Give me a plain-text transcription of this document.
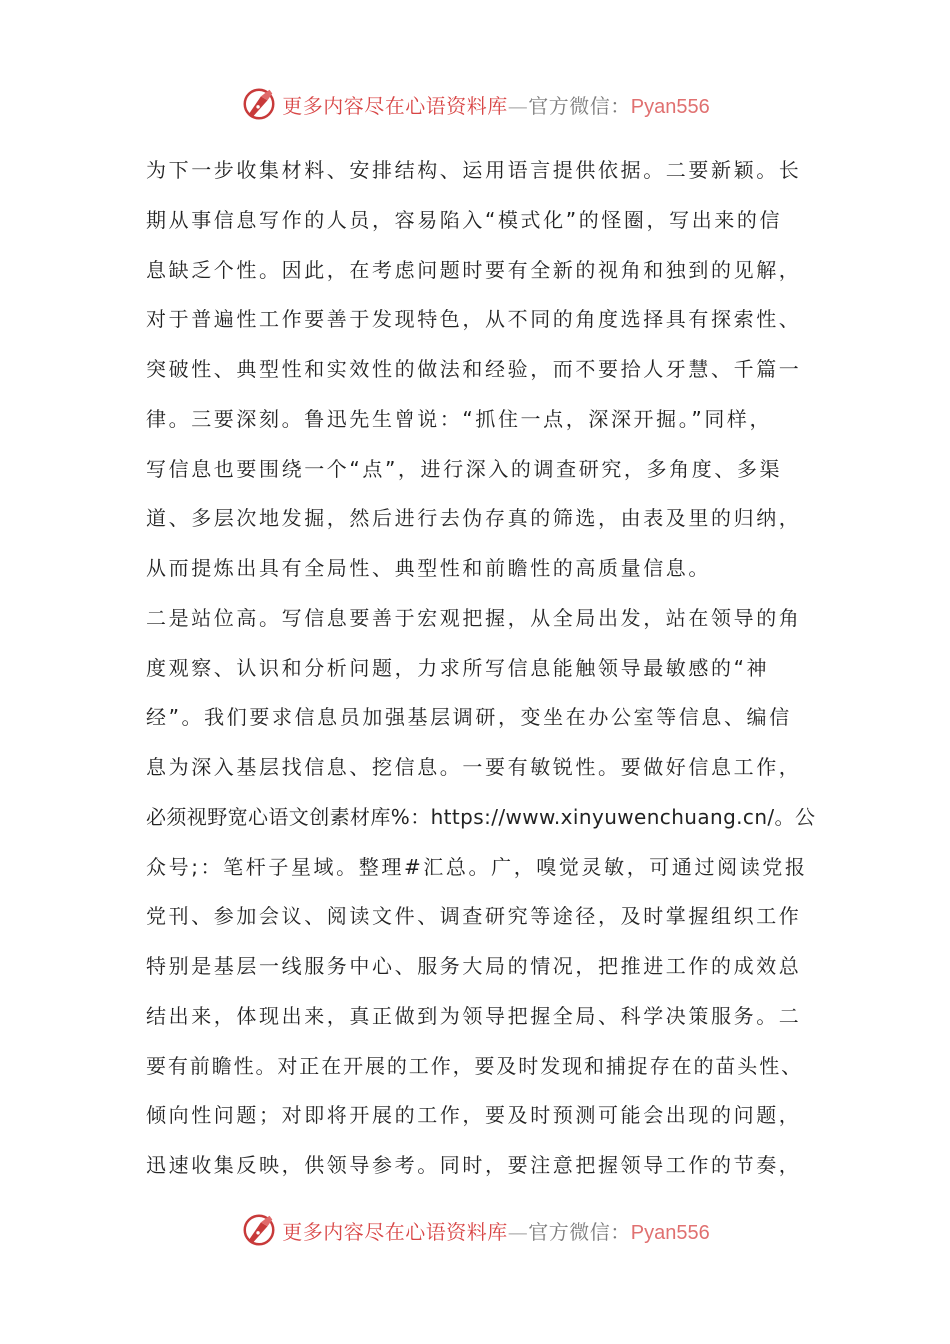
更多内容尽在心语资料库—官方微信：Pyan556
为下一步收集材料、安排结构、运用语言提供依据。二要新颖。长
期从事信息写作的人员，容易陷入“模式化”的怪圈，写出来的信
息缺乏个性。因此，在考虑问题时要有全新的视角和独到的见解，
对于普遍性工作要善于发现特色，从不同的角度选择具有探索性、
突破性、典型性和实效性的做法和经验，而不要拾人牙慧、千篇一
律。三要深刻。鲁迅先生曾说：“抓住一点，深深开掘。”同样，
写信息也要围绕一个“点”，进行深入的调查研究，多角度、多渠
道、多层次地发掘，然后进行去伪存真的筛选，由表及里的归纳，
从而提炼出具有全局性、典型性和前瞻性的高质量信息。
二是站位高。写信息要善于宏观把握，从全局出发，站在领导的角
度观察、认识和分析问题，力求所写信息能触领导最敏感的“神
经”。我们要求信息员加强基层调研，变坐在办公室等信息、编信
息为深入基层找信息、挖信息。一要有敏锐性。要做好信息工作，
必须视野宽心语文创素材库%：https://www.xinyuwenchuang.cn/。公
众号;：笔杆子星域。整理#汇总。广，嗅觉灵敏，可通过阅读党报
党刊、参加会议、阅读文件、调查研究等途径，及时掌握组织工作
特别是基层一线服务中心、服务大局的情况，把推进工作的成效总
结出来，体现出来，真正做到为领导把握全局、科学决策服务。二
要有前瞻性。对正在开展的工作，要及时发现和捕捉存在的苗头性、
倾向性问题；对即将开展的工作，要及时预测可能会出现的问题，
迅速收集反映，供领导参考。同时，要注意把握领导工作的节奏，
更多内容尽在心语资料库—官方微信：Pyan556
